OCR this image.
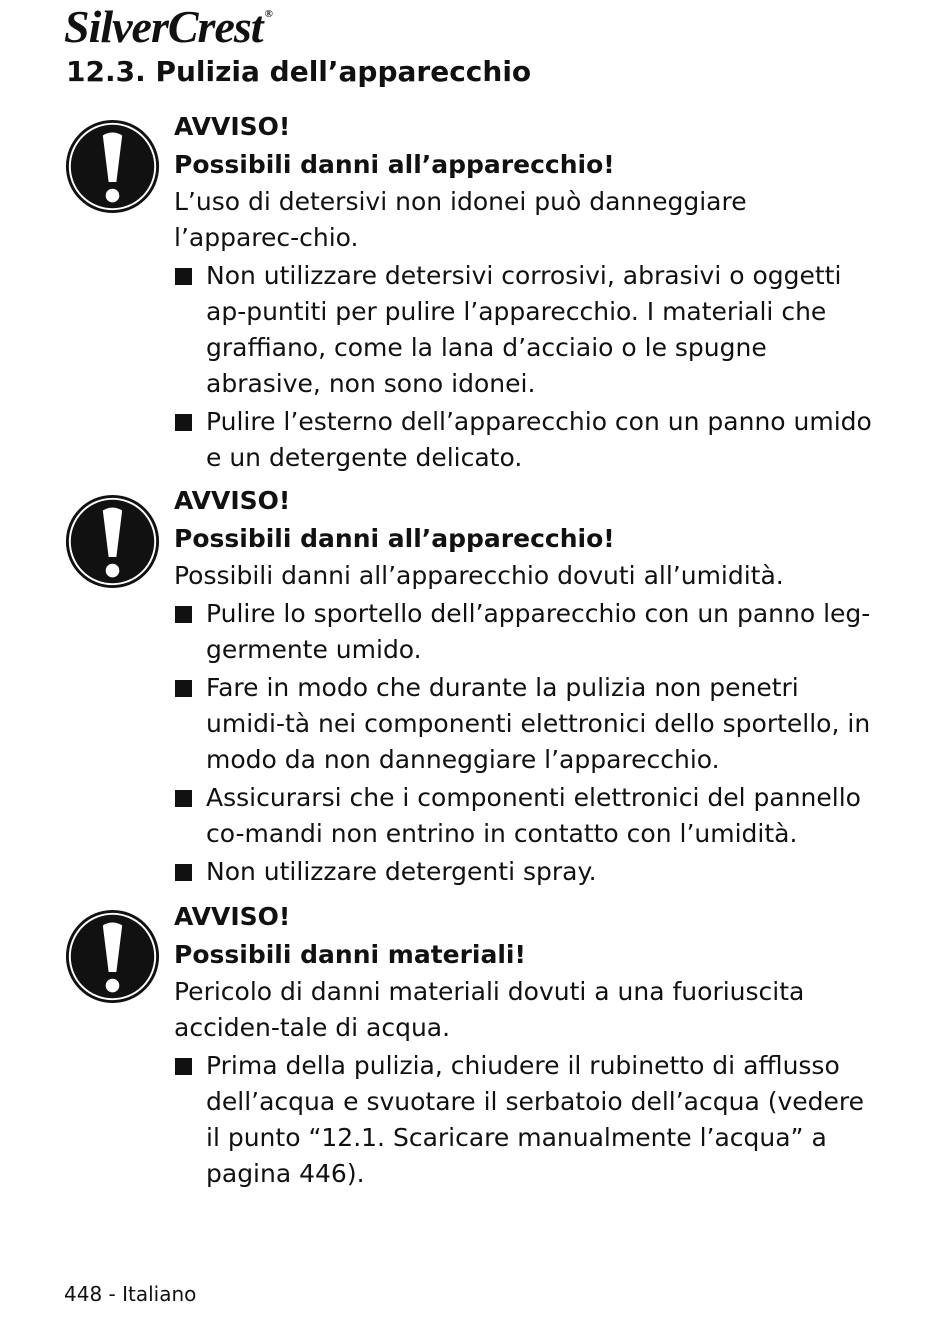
SilverCrest ®
12.3. Pulizia dell’apparecchio

AVVISO!

Possibili danni all’apparecchio!

L’uso di detersivi non idonei può danneggiare l’apparec-chio.

Non utilizzare detersivi corrosivi, abrasivi o oggetti ap-puntiti per pulire l’apparecchio. I materiali che graffiano, come la lana d’acciaio o le spugne abrasive, non sono idonei.
Pulire l’esterno dell’apparecchio con un panno umido e un detergente delicato.

AVVISO!

Possibili danni all’apparecchio!

Possibili danni all’apparecchio dovuti all’umidità.

Pulire lo sportello dell’apparecchio con un panno leg-germente umido.
Fare in modo che durante la pulizia non penetri umidi-tà nei componenti elettronici dello sportello, in modo da non danneggiare l’apparecchio.
Assicurarsi che i componenti elettronici del pannello co-mandi non entrino in contatto con l’umidità.
Non utilizzare detergenti spray.

AVVISO!

Possibili danni materiali!

Pericolo di danni materiali dovuti a una fuoriuscita acciden-tale di acqua.

Prima della pulizia, chiudere il rubinetto di afflusso dell’acqua e svuotare il serbatoio dell’acqua (vedere il punto “12.1. Scaricare manualmente l’acqua” a pagina 446).
448 - Italiano
